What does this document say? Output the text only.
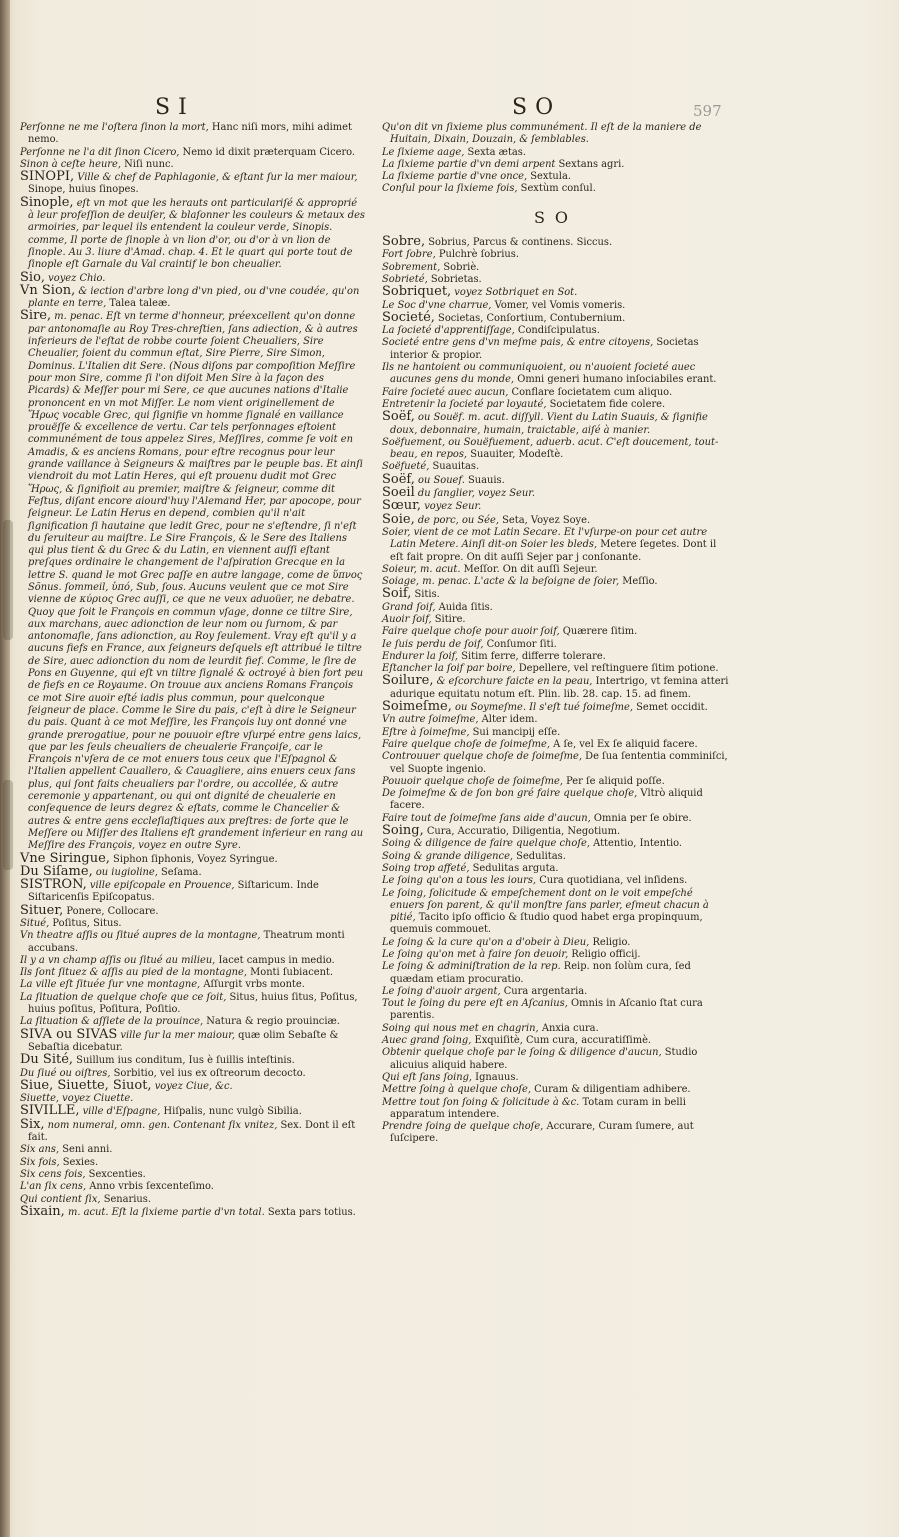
597
SI	SO

Perſonne ne me l'oſtera ſinon la mort, Hanc niſi mors, mihi adimet nemo.

Perſonne ne l'a dit ſinon Cicero, Nemo id dixit præterquam Cicero.

Sinon à ceſte heure, Niſi nunc.

SINOPI, Ville & chef de Paphlagonie, & eſtant ſur la mer maiour, Sinope, huius ſinopes.

Sinople, eſt vn mot que les herauts ont particulariſé & approprié à leur profeſſion de deuiſer, & blaſonner les couleurs & metaux des armoiries, par lequel ils entendent la couleur verde, Sinopis. comme, Il porte de ſinople à vn lion d'or, ou d'or à vn lion de ſinople. Au 3. liure d'Amad. chap. 4. Et le quart qui porte tout de ſinople eſt Garnale du Val craintif le bon cheualier.

Sio, voyez Chio.

Vn Sion, & iection d'arbre long d'vn pied, ou d'vne coudée, qu'on plante en terre, Talea taleæ.

Sire, m. penac. Eſt vn terme d'honneur, préexcellent qu'on donne par antonomaſie au Roy Tres-chreſtien, ſans adiection, & à autres inferieurs de l'eſtat de robbe courte ſoient Cheualiers, Sire Cheualier, ſoient du commun eſtat, Sire Pierre, Sire Simon, Dominus. L'Italien dit Sere. (Nous diſons par compoſition Meſſire pour mon Sire, comme ſi l'on diſoit Men Sire à la façon des Picards) & Meſſer pour mi Sere, ce que aucunes nations d'Italie prononcent en vn mot Miſſer. Le nom vient originellement de Ἥρως vocable Grec, qui ſignifie vn homme ſignalé en vaillance prouëſſe & excellence de vertu. Car tels perſonnages eſtoient communément de tous appelez Sires, Meſſires, comme ſe voit en Amadis, & es anciens Romans, pour eſtre recognus pour leur grande vaillance à Seigneurs & maiſtres par le peuple bas. Et ainſi viendroit du mot Latin Heres, qui eſt prouenu dudit mot Grec Ἥρως, & ſignifioit au premier, maiſtre & ſeigneur, comme dit Feſtus, diſant encore aiourd'huy l'Alemand Her, par apocope, pour ſeigneur. Le Latin Herus en depend, combien qu'il n'ait ſignification ſi hautaine que ledit Grec, pour ne s'eſtendre, ſi n'eſt du ſeruiteur au maiſtre. Le Sire François, & le Sere des Italiens qui plus tient & du Grec & du Latin, en viennent auſſi eſtant preſques ordinaire le changement de l'aſpiration Grecque en la lettre S. quand le mot Grec paſſe en autre langage, come de ὕπνος Sõnus. ſommeil, ὑπό, Sub, ſous. Aucuns veulent que ce mot Sire vienne de κύριος Grec auſſi, ce que ne veux aduoüer, ne debatre. Quoy que ſoit le François en commun vſage, donne ce tiltre Sire, aux marchans, auec adionction de leur nom ou ſurnom, & par antonomaſie, ſans adionction, au Roy ſeulement. Vray eſt qu'il y a aucuns fiefs en France, aux ſeigneurs deſquels eſt attribué le tiltre de Sire, auec adionction du nom de leurdit fief. Comme, le ſire de Pons en Guyenne, qui eſt vn tiltre ſignalé & octroyé à bien fort peu de fiefs en ce Royaume. On trouue aux anciens Romans François ce mot Sire auoir eſté iadis plus commun, pour quelconque ſeigneur de place. Comme le Sire du pais, c'eſt à dire le Seigneur du pais. Quant à ce mot Meſſire, les François luy ont donné vne grande prerogatiue, pour ne pouuoir eſtre vſurpé entre gens laics, que par les ſeuls cheualiers de cheualerie Françoiſe, car le François n'vſera de ce mot enuers tous ceux que l'Eſpagnol & l'Italien appellent Cauallero, & Cauagliere, ains enuers ceux ſans plus, qui ſont faits cheualiers par l'ordre, ou accollée, & autre ceremonie y appartenant, ou qui ont dignité de cheualerie en conſequence de leurs degrez & eſtats, comme le Chancelier & autres & entre gens eccleſiaſtiques aux preſtres: de ſorte que le Meſſere ou Miſſer des Italiens eſt grandement inferieur en rang au Meſſire des François, voyez en outre Syre.

Vne Siringue, Siphon ſiphonis, Voyez Syringue.

Du Siſame, ou iugioline, Seſama.

SISTRON, ville epiſcopale en Prouence, Siſtaricum. Inde Siſtaricenſis Epiſcopatus.

Situer, Ponere, Collocare.

Situé, Poſitus, Situs.

Vn theatre aſſis ou ſitué aupres de la montagne, Theatrum monti accubans.

Il y a vn champ aſſis ou ſitué au milieu, Iacet campus in medio.

Ils ſont ſituez & aſſis au pied de la montagne, Monti ſubiacent.

La ville eſt ſituée ſur vne montagne, Aſſurgit vrbs monte.

La ſituation de quelque choſe que ce ſoit, Situs, huius ſitus, Poſitus, huius poſitus, Poſitura, Poſitio.

La ſituation & aſſiete de la prouince, Natura & regio prouinciæ.

SIVA ou SIVAS ville ſur la mer maiour, quæ olim Sebaſte & Sebaſtia dicebatur.

Du Sité, Suillum ius conditum, Ius è ſuillis inteſtinis.

Du ſiué ou oiſtres, Sorbitio, vel ius ex oſtreorum decocto.

Siue, Siuette, Siuot, voyez Ciue, &c.

Siuette, voyez Ciuette.

SIVILLE, ville d'Eſpagne, Hiſpalis, nunc vulgò Sibilia.

Six, nom numeral, omn. gen. Contenant ſix vnitez, Sex. Dont il eſt fait.

Six ans, Seni anni.

Six fois, Sexies.

Six cens fois, Sexcenties.

L'an ſix cens, Anno vrbis ſexcenteſimo.

Qui contient ſix, Senarius.

Sixain, m. acut. Eſt la ſixieme partie d'vn total. Sexta pars totius.

Qu'on dit vn ſixieme plus communément. Il eſt de la maniere de Huitain, Dixain, Douzain, & ſemblables.

Le ſixieme aage, Sexta ætas.

La ſixieme partie d'vn demi arpent Sextans agri.

La ſixieme partie d'vne once, Sextula.

Conſul pour la ſixieme fois, Sextùm conſul.

SO

Sobre, Sobrius, Parcus & continens. Siccus.

Fort ſobre, Pulchrè ſobrius.

Sobrement, Sobriè.

Sobrieté, Sobrietas.

Sobriquet, voyez Sotbriquet en Sot.

Le Soc d'vne charrue, Vomer, vel Vomis vomeris.

Societé, Societas, Conſortium, Contubernium.

La ſocieté d'apprentiſſage, Condiſcipulatus.

Societé entre gens d'vn meſme pais, & entre citoyens, Societas interior & propior.

Ils ne hantoient ou communiquoient, ou n'auoient ſocieté auec aucunes gens du monde, Omni generi humano inſociabiles erant.

Faire ſocieté auec aucun, Conflare ſocietatem cum aliquo.

Entretenir la ſocieté par loyauté, Societatem fide colere.

Soëf, ou Souëf. m. acut. diſſyll. Vient du Latin Suauis, & ſignifie doux, debonnaire, humain, traictable, aiſé à manier.

Soëfuement, ou Souëfuement, aduerb. acut. C'eſt doucement, tout-beau, en repos, Suauiter, Modeſtè.

Soëfueté, Suauitas.

Soëf, ou Souef. Suauis.

Soeil du ſanglier, voyez Seur.

Sœur, voyez Seur.

Soie, de porc, ou Sée, Seta, Voyez Soye.

Soier, vient de ce mot Latin Secare. Et l'vſurpe-on pour cet autre Latin Metere. Ainſi dit-on Soier les bleds, Metere ſegetes. Dont il eſt fait propre. On dit auſſi Sejer par j conſonante.

Soieur, m. acut. Meſſor. On dit auſſi Sejeur.

Soiage, m. penac. L'acte & la beſoigne de ſoier, Meſſio.

Soif, Sitis.

Grand ſoif, Auida ſitis.

Auoir ſoif, Sitire.

Faire quelque choſe pour auoir ſoif, Quærere ſitim.

Ie ſuis perdu de ſoif, Conſumor ſiti.

Endurer la ſoif, Sitim ferre, differre tolerare.

Eſtancher la ſoif par boire, Depellere, vel reſtinguere ſitim potione.

Soilure, & eſcorchure faicte en la peau, Intertrigo, vt femina atteri adurique equitatu notum eſt. Plin. lib. 28. cap. 15. ad finem.

Soimeſme, ou Soymeſme. Il s'eſt tué ſoimeſme, Semet occidit.

Vn autre ſoimeſme, Alter idem.

Eſtre à ſoimeſme, Sui mancipij eſſe.

Faire quelque choſe de ſoimeſme, A ſe, vel Ex ſe aliquid facere.

Controuuer quelque choſe de ſoimeſme, De ſua ſententia comminiſci, vel Suopte ingenio.

Pouuoir quelque choſe de ſoimeſme, Per ſe aliquid poſſe.

De ſoimeſme & de ſon bon gré faire quelque choſe, Vltrò aliquid facere.

Faire tout de ſoimeſme ſans aide d'aucun, Omnia per ſe obire.

Soing, Cura, Accuratio, Diligentia, Negotium.

Soing & diligence de faire quelque choſe, Attentio, Intentio.

Soing & grande diligence, Sedulitas.

Soing trop affeté, Sedulitas arguta.

Le ſoing qu'on a tous les iours, Cura quotidiana, vel inſidens.

Le ſoing, ſolicitude & empeſchement dont on le voit empeſché enuers ſon parent, & qu'il monſtre ſans parler, eſmeut chacun à pitié, Tacito ipſo officio & ſtudio quod habet erga propinquum, quemuis commouet.

Le ſoing & la cure qu'on a d'obeir à Dieu, Religio.

Le ſoing qu'on met à faire ſon deuoir, Religio officij.

Le ſoing & adminiſtration de la rep. Reip. non ſolùm cura, ſed quædam etiam procuratio.

Le ſoing d'auoir argent, Cura argentaria.

Tout le ſoing du pere eſt en Aſcanius, Omnis in Aſcanio ſtat cura parentis.

Soing qui nous met en chagrin, Anxia cura.

Auec grand ſoing, Exquiſitè, Cum cura, accuratiſſimè.

Obtenir quelque choſe par le ſoing & diligence d'aucun, Studio alicuius aliquid habere.

Qui eſt ſans ſoing, Ignauus.

Mettre ſoing à quelque choſe, Curam & diligentiam adhibere.

Mettre tout ſon ſoing & ſolicitude à &c. Totam curam in belli apparatum intendere.

Prendre ſoing de quelque choſe, Accurare, Curam ſumere, aut ſuſcipere.
